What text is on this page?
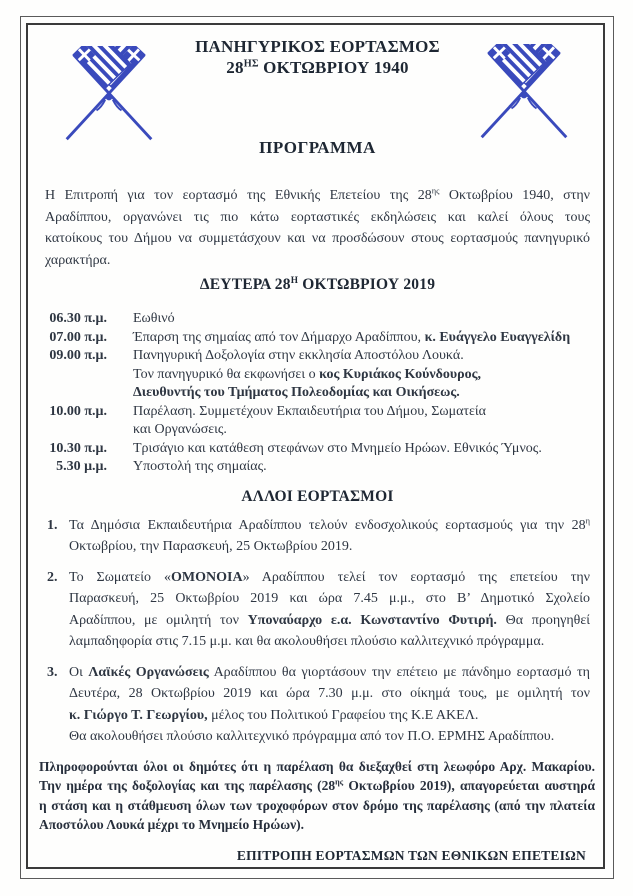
ΠΑΝΗΓΥΡΙΚΟΣ ΕΟΡΤΑΣΜΟΣ
$28^{H\Sigma}$ ΟΚΤΩΒΡΙΟΥ 1940
ΠΡΟΓΡΑΜΜΑ
Η Επιτροπή για τον εορτασμό της Εθνικής Επετείου της $28^{\eta\varsigma}$ Οκτωβρίου 1940, στην
Αραδίππου, οργανώνει τις πιο κάτω εορταστικές εκδηλώσεις και καλεί όλους τους
κατοίκους του Δήμου να συμμετάσχουν και να προσδώσουν στους εορτασμούς πανηγυρικό
χαρακτήρα.
ΔΕΥΤΕΡΑ $28^H$ ΟΚΤΩΒΡΙΟΥ 2019
06.30 π.μ. Εωθινό
07.00 π.μ. Έπαρση της σημαίας από τον Δήμαρχο Αραδίππου, κ. Ευάγγελο Ευαγγελίδη
09.00 π.μ. Πανηγυρική Δοξολογία στην εκκλησία Αποστόλου Λουκά.
Τον πανηγυρικό θα εκφωνήσει ο κος Κυριάκος Κούνδουρος,
Διευθυντής του Τμήματος Πολεοδομίας και Οικήσεως.
10.00 π.μ. Παρέλαση. Συμμετέχουν Εκπαιδευτήρια του Δήμου, Σωματεία
και Οργανώσεις.
10.30 π.μ. Τρισάγιο και κατάθεση στεφάνων στο Μνημείο Ηρώων. Εθνικός Ύμνος.
5.30 μ.μ. Υποστολή της σημαίας.
ΑΛΛΟΙ ΕΟΡΤΑΣΜΟΙ
1. Τα Δημόσια Εκπαιδευτήρια Αραδίππου τελούν ενδοσχολικούς εορτασμούς για την $28^\eta$
Οκτωβρίου, την Παρασκευή, 25 Οκτωβρίου 2019.
2. Το Σωματείο «ΟΜΟΝΟΙΑ» Αραδίππου τελεί τον εορτασμό της επετείου την
Παρασκευή, 25 Οκτωβρίου 2019 και ώρα 7.45 μ.μ., στο Β’ Δημοτικό Σχολείο
Αραδίππου, με ομιλητή τον Υποναύαρχο ε.α. Κωνσταντίνο Φυτιρή. Θα προηγηθεί
λαμπαδηφορία στις 7.15 μ.μ. και θα ακολουθήσει πλούσιο καλλιτεχνικό πρόγραμμα.
3. Οι Λαϊκές Οργανώσεις Αραδίππου θα γιορτάσουν την επέτειο με πάνδημο εορτασμό τη
Δευτέρα, 28 Οκτωβρίου 2019 και ώρα 7.30 μ.μ. στο οίκημά τους, με ομιλητή τον
κ. Γιώργο Τ. Γεωργίου, μέλος του Πολιτικού Γραφείου της Κ.Ε ΑΚΕΛ.
Θα ακολουθήσει πλούσιο καλλιτεχνικό πρόγραμμα από τον Π.Ο. ΕΡΜΗΣ Αραδίππου.
Πληροφορούνται όλοι οι δημότες ότι η παρέλαση θα διεξαχθεί στη λεωφόρο Αρχ. Μακαρίου.
Την ημέρα της δοξολογίας και της παρέλασης ($28^{\eta\varsigma}$ Οκτωβρίου 2019), απαγορεύεται αυστηρά
η στάση και η στάθμευση όλων των τροχοφόρων στον δρόμο της παρέλασης (από την πλατεία
Αποστόλου Λουκά μέχρι το Μνημείο Ηρώων).
ΕΠΙΤΡΟΠΗ ΕΟΡΤΑΣΜΩΝ ΤΩΝ ΕΘΝΙΚΩΝ ΕΠΕΤΕΙΩΝ
